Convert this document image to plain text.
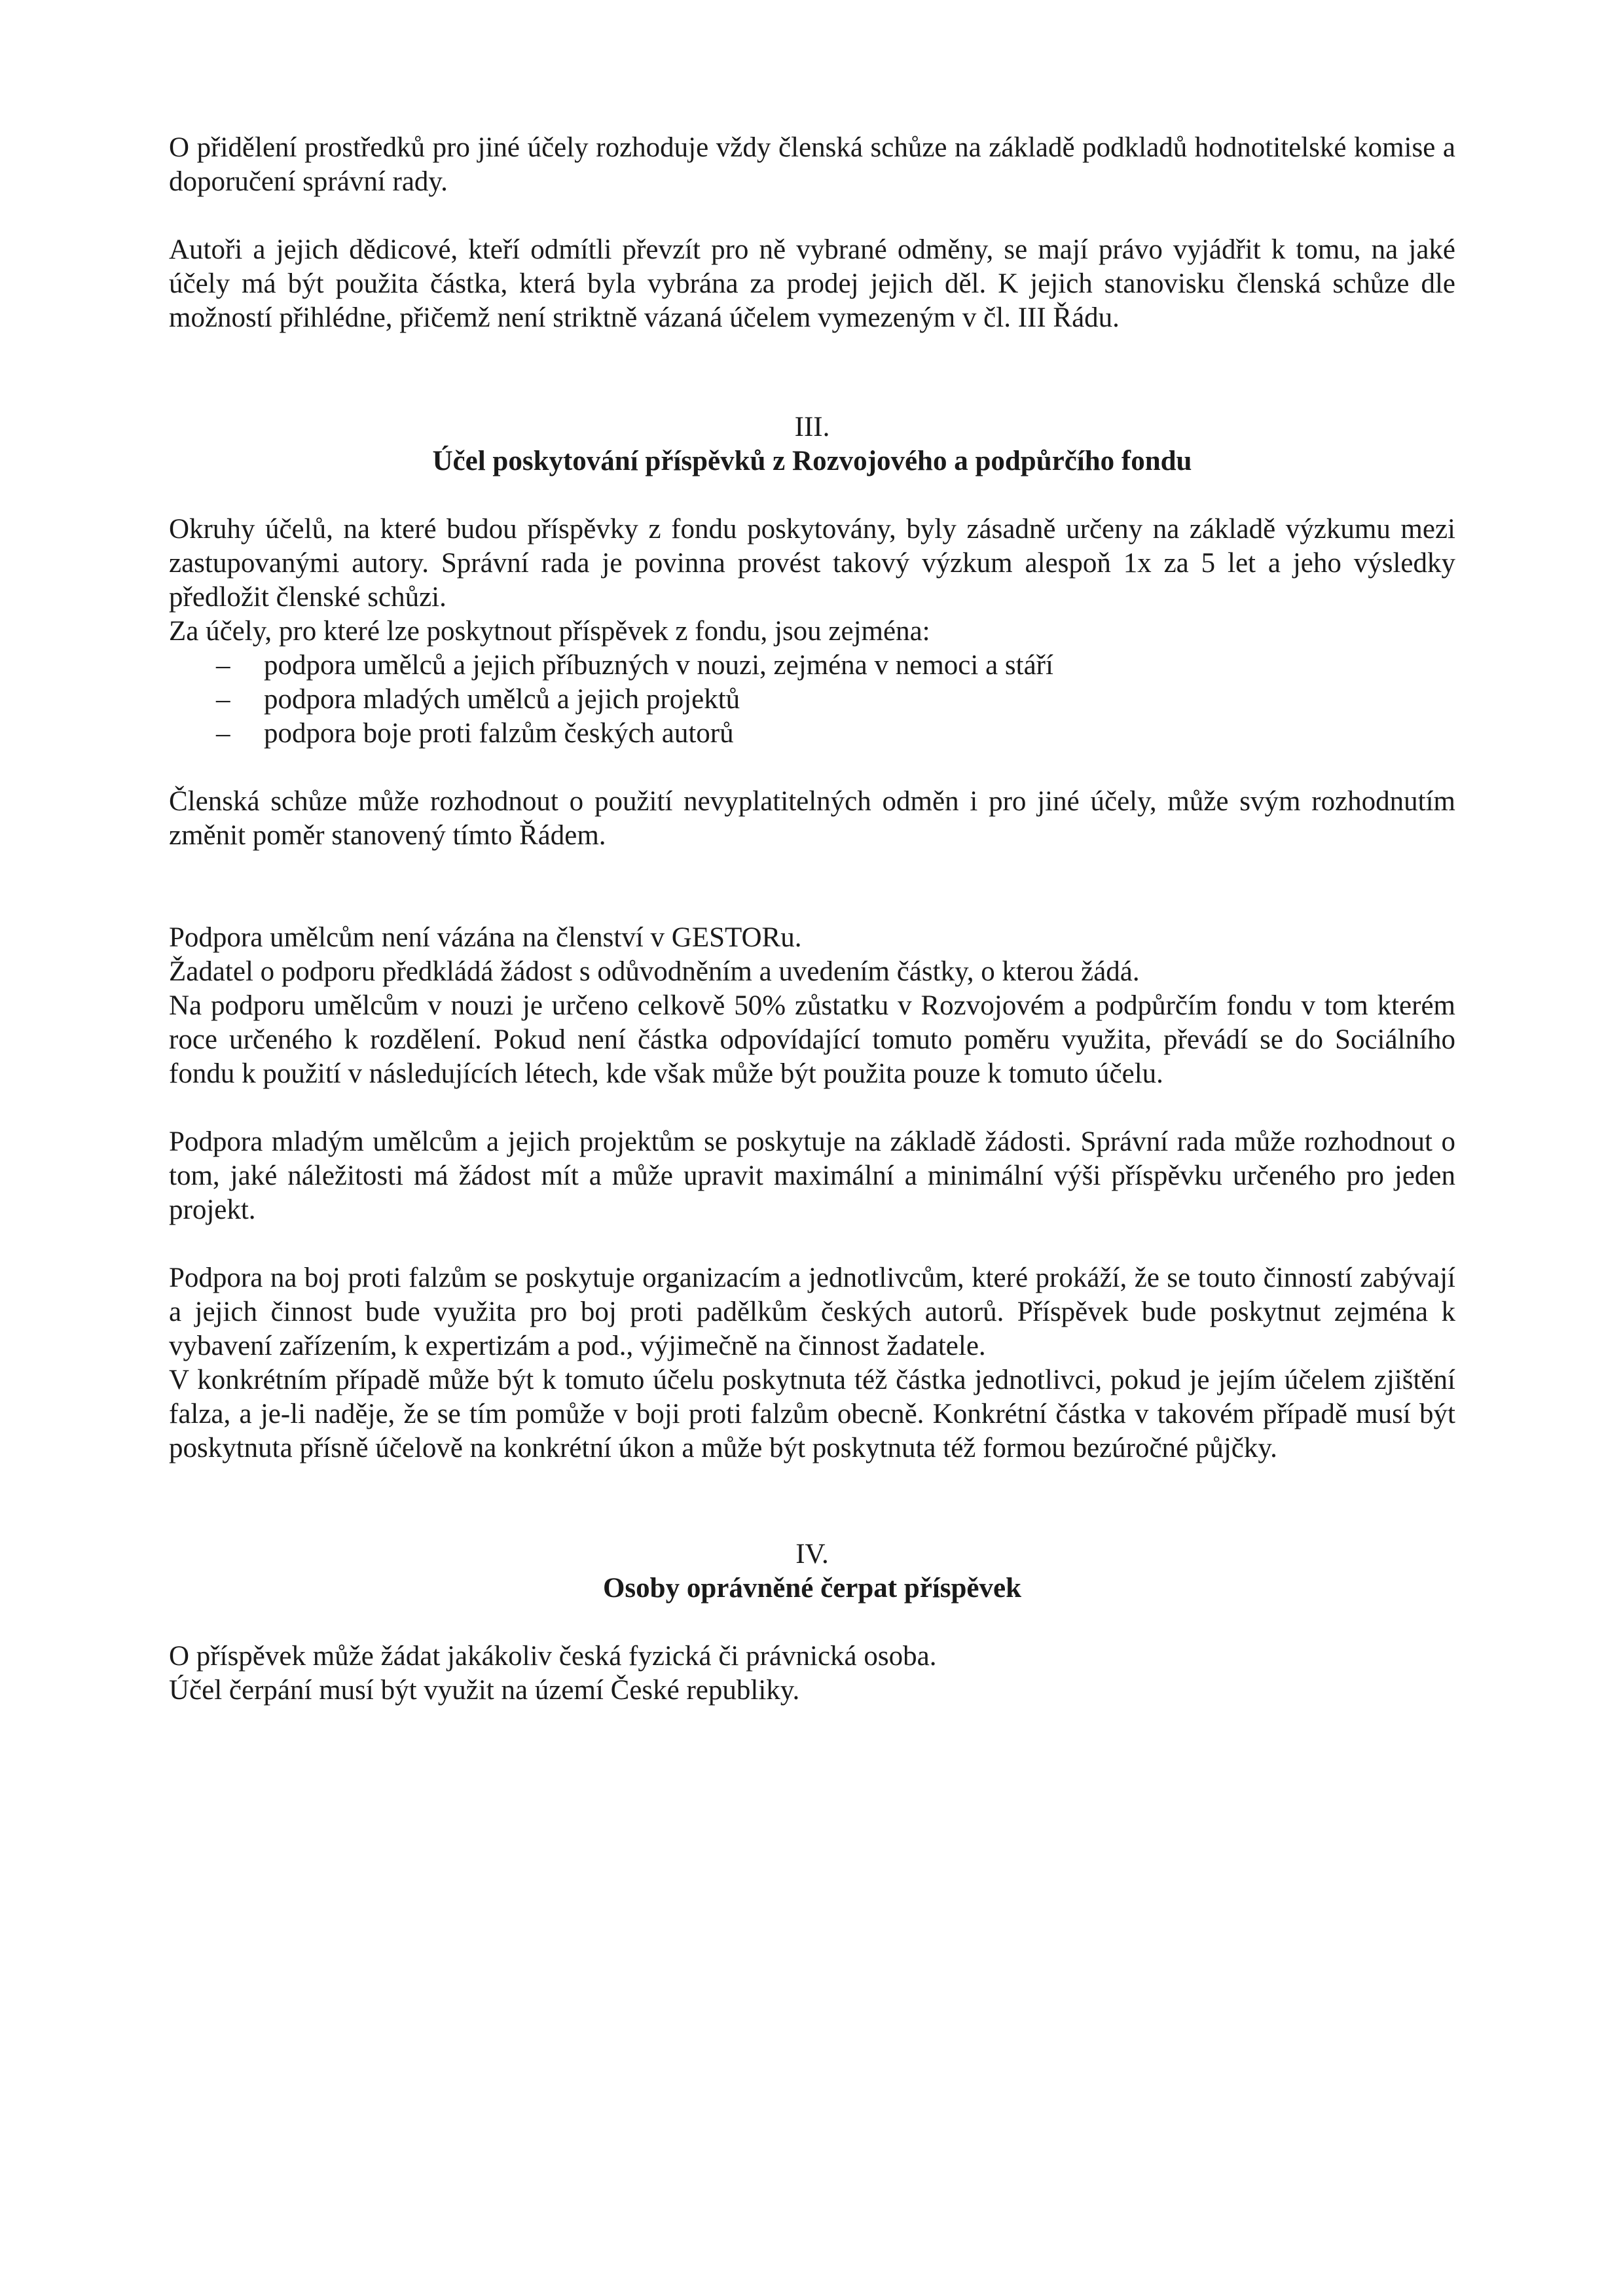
O přidělení prostředků pro jiné účely rozhoduje vždy členská schůze na základě podkladů hodnotitelské komise a doporučení správní rady.

Autoři a jejich dědicové, kteří odmítli převzít pro ně vybrané odměny, se mají právo vyjádřit k tomu, na jaké účely má být použita částka, která byla vybrána za prodej jejich děl. K jejich stanovisku členská schůze dle možností přihlédne, přičemž není striktně vázaná účelem vymezeným v čl. III Řádu.

III.
Účel poskytování příspěvků z Rozvojového a podpůrčího fondu

Okruhy účelů, na které budou příspěvky z fondu poskytovány, byly zásadně určeny na základě výzkumu mezi zastupovanými autory. Správní rada je povinna provést takový výzkum alespoň 1x za 5 let a jeho výsledky předložit členské schůzi.

Za účely, pro které lze poskytnout příspěvek z fondu, jsou zejména:

– podpora umělců a jejich příbuzných v nouzi, zejména v nemoci a stáří
– podpora mladých umělců a jejich projektů
– podpora boje proti falzům českých autorů

Členská schůze může rozhodnout o použití nevyplatitelných odměn i pro jiné účely, může svým rozhodnutím změnit poměr stanovený tímto Řádem.

Podpora umělcům není vázána na členství v GESTORu.

Žadatel o podporu předkládá žádost s odůvodněním a uvedením částky, o kterou žádá.

Na podporu umělcům v nouzi je určeno celkově 50% zůstatku v Rozvojovém a podpůrčím fondu v tom kterém roce určeného k rozdělení. Pokud není částka odpovídající tomuto poměru využita, převádí se do Sociálního fondu k použití v následujících létech, kde však může být použita pouze k tomuto účelu.

Podpora mladým umělcům a jejich projektům se poskytuje na základě žádosti. Správní rada může rozhodnout o tom, jaké náležitosti má žádost mít a může upravit maximální a minimální výši příspěvku určeného pro jeden projekt.

Podpora na boj proti falzům se poskytuje organizacím a jednotlivcům, které prokáží, že se touto činností zabývají a jejich činnost bude využita pro boj proti padělkům českých autorů. Příspěvek bude poskytnut zejména k vybavení zařízením, k expertizám a pod., výjimečně na činnost žadatele.

V konkrétním případě může být k tomuto účelu poskytnuta též částka jednotlivci, pokud je jejím účelem zjištění falza, a je-li naděje, že se tím pomůže v boji proti falzům obecně. Konkrétní částka v takovém případě musí být poskytnuta přísně účelově na konkrétní úkon a může být poskytnuta též formou bezúročné půjčky.

IV.
Osoby oprávněné čerpat příspěvek

O příspěvek může žádat jakákoliv česká fyzická či právnická osoba.

Účel čerpání musí být využit na území České republiky.
